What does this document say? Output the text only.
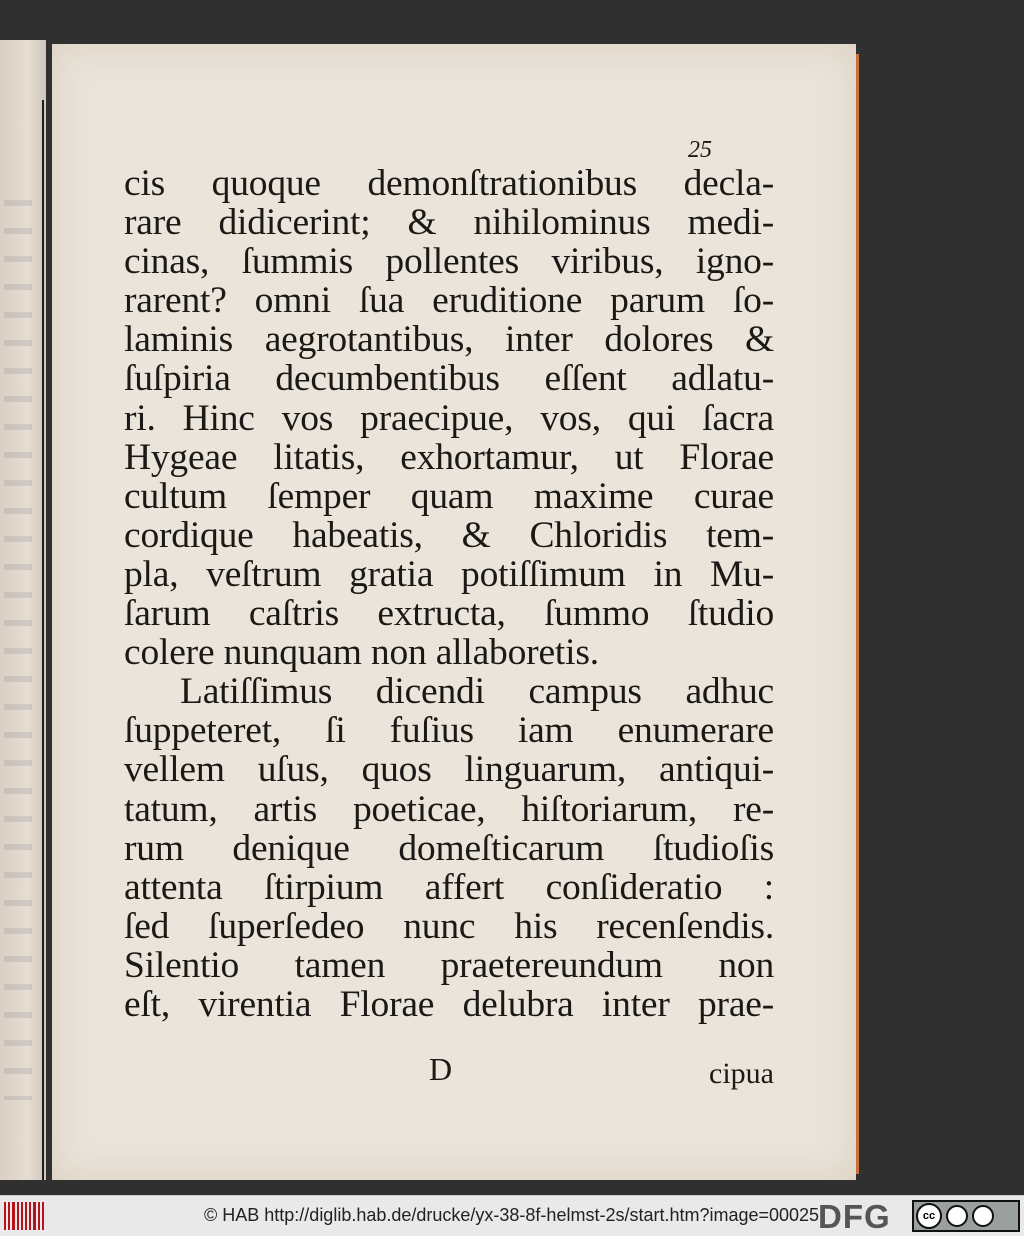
25
cis quoque demonſtrationibus decla-
rare didicerint; & nihilominus medi-
cinas, ſummis pollentes viribus, igno-
rarent? omni ſua eruditione parum ſo-
laminis aegrotantibus, inter dolores &
ſuſpiria decumbentibus eſſent adlatu-
ri. Hinc vos praecipue, vos, qui ſacra
Hygeae litatis, exhortamur, ut Florae
cultum ſemper quam maxime curae
cordique habeatis, & Chloridis tem-
pla, veſtrum gratia potiſſimum in Mu-
ſarum caſtris extructa, ſummo ſtudio
colere nunquam non allaboretis.
Latiſſimus dicendi campus adhuc
ſuppeteret, ſi fuſius iam enumerare
vellem uſus, quos linguarum, antiqui-
tatum, artis poeticae, hiſtoriarum, re-
rum denique domeſticarum ſtudioſis
attenta ſtirpium affert conſideratio :
ſed ſuperſedeo nunc his recenſendis.
Silentio tamen praetereundum non
eſt, virentia Florae delubra inter prae-
D	cipua
© HAB http://diglib.hab.de/drucke/yx-38-8f-helmst-2s/start.htm?image=00025
DFG	cc
